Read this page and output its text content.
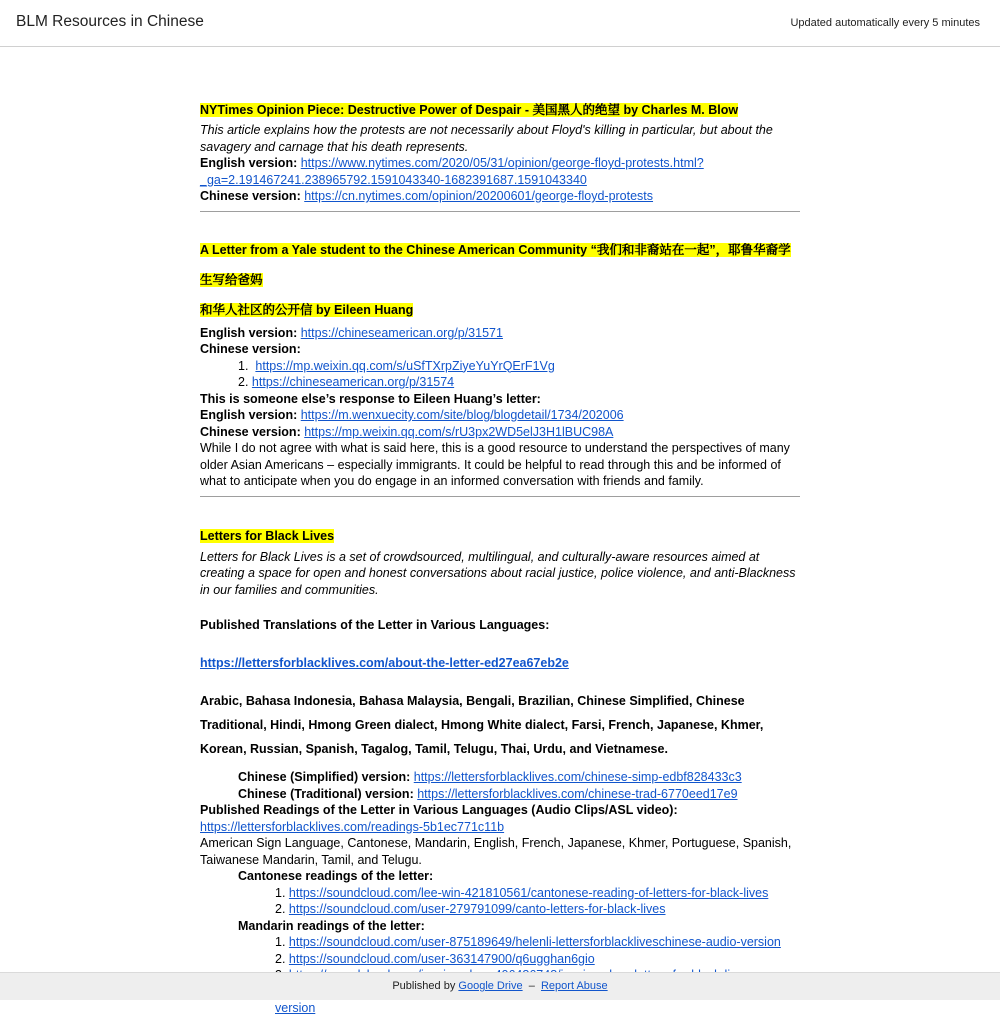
BLM Resources in Chinese	Updated automatically every 5 minutes
NYTimes Opinion Piece: Destructive Power of Despair - 美国黑人的绝望 by Charles M. Blow
This article explains how the protests are not necessarily about Floyd's killing in particular, but about the savagery and carnage that his death represents.
English version: https://www.nytimes.com/2020/05/31/opinion/george-floyd-protests.html?
_ga=2.191467241.238965792.1591043340-1682391687.1591043340
Chinese version: https://cn.nytimes.com/opinion/20200601/george-floyd-protests
A Letter from a Yale student to the Chinese American Community “我们和非裔站在一起”，耶鲁华裔学生写给爸妈
和华人社区的公开信 by Eileen Huang
English version: https://chineseamerican.org/p/31571
Chinese version:
1. https://mp.weixin.qq.com/s/uSfTXrpZiyeYuYrQErF1Vg
2. https://chineseamerican.org/p/31574
This is someone else’s response to Eileen Huang’s letter:
English version: https://m.wenxuecity.com/site/blog/blogdetail/1734/202006
Chinese version: https://mp.weixin.qq.com/s/rU3px2WD5elJ3H1lBUC98A
While I do not agree with what is said here, this is a good resource to understand the perspectives of many older Asian Americans – especially immigrants. It could be helpful to read through this and be informed of what to anticipate when you do engage in an informed conversation with friends and family.
Letters for Black Lives
Letters for Black Lives is a set of crowdsourced, multilingual, and culturally-aware resources aimed at creating a space for open and honest conversations about racial justice, police violence, and anti-Blackness in our families and communities.
Published Translations of the Letter in Various Languages:
https://lettersforblacklives.com/about-the-letter-ed27ea67eb2e
Arabic, Bahasa Indonesia, Bahasa Malaysia, Bengali, Brazilian, Chinese Simplified, Chinese Traditional, Hindi, Hmong Green dialect, Hmong White dialect, Farsi, French, Japanese, Khmer, Korean, Russian, Spanish, Tagalog, Tamil, Telugu, Thai, Urdu, and Vietnamese.
Chinese (Simplified) version: https://lettersforblacklives.com/chinese-simp-edbf828433c3
Chinese (Traditional) version: https://lettersforblacklives.com/chinese-trad-6770eed17e9
Published Readings of the Letter in Various Languages (Audio Clips/ASL video):
https://lettersforblacklives.com/readings-5b1ec771c11b
American Sign Language, Cantonese, Mandarin, English, French, Japanese, Khmer, Portuguese, Spanish, Taiwanese Mandarin, Tamil, and Telugu.
Cantonese readings of the letter:
1. https://soundcloud.com/lee-win-421810561/cantonese-reading-of-letters-for-black-lives
2. https://soundcloud.com/user-279791099/canto-letters-for-black-lives
Mandarin readings of the letter:
1. https://soundcloud.com/user-875189649/helenli-lettersforblackliveschinese-audio-version
2. https://soundcloud.com/user-363147900/q6ugghan6gio
version
Published by Google Drive – Report Abuse
